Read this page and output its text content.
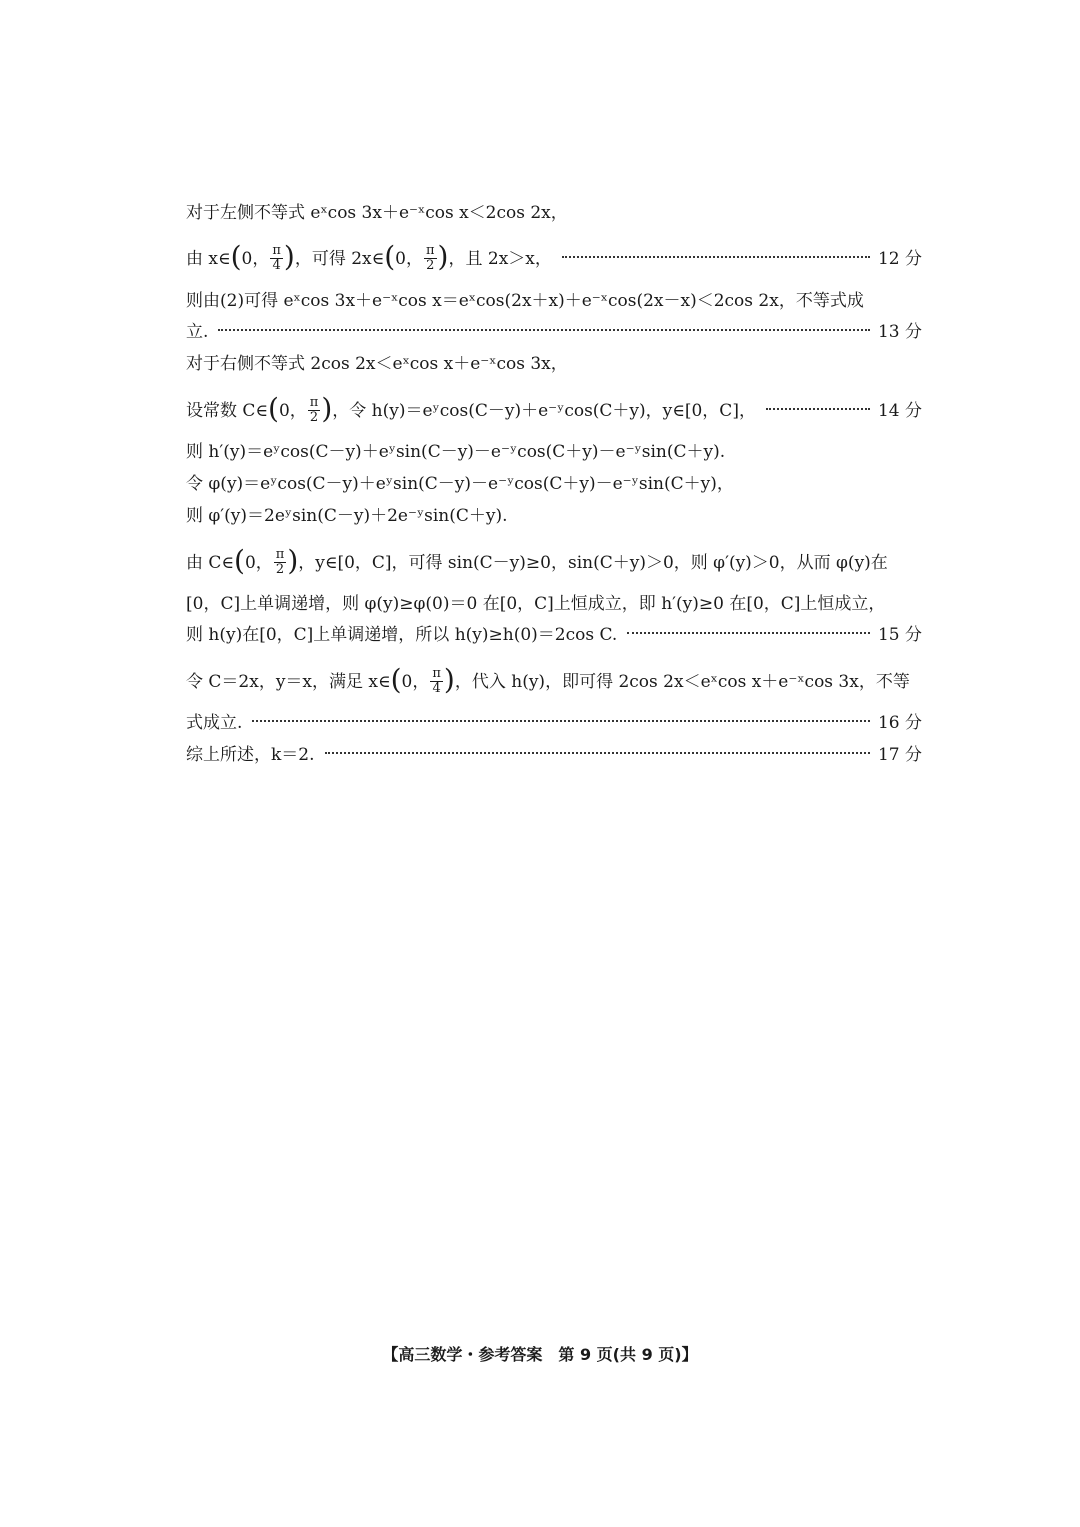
对于左侧不等式 eˣcos 3x＋e⁻ˣcos x＜2cos 2x，
由 x∈ ( 0， $\frac{\pi}{4}$ ) ，可得 2x∈ ( 0， $\frac{\pi}{2}$ ) ，且 2x＞x，	12 分
则由(2)可得 eˣcos 3x＋e⁻ˣcos x＝eˣcos(2x＋x)＋e⁻ˣcos(2x－x)＜2cos 2x，不等式成
立.	13 分
对于右侧不等式 2cos 2x＜eˣcos x＋e⁻ˣcos 3x，
设常数 C∈ ( 0， $\frac{\pi}{2}$ ) ，令 h(y)＝eʸcos(C－y)＋e⁻ʸcos(C＋y)，y∈[0，C]，	14 分
则 h′(y)＝eʸcos(C－y)＋eʸsin(C－y)－e⁻ʸcos(C＋y)－e⁻ʸsin(C＋y).
令 φ(y)＝eʸcos(C－y)＋eʸsin(C－y)－e⁻ʸcos(C＋y)－e⁻ʸsin(C＋y)，
则 φ′(y)＝2eʸsin(C－y)＋2e⁻ʸsin(C＋y).
由 C∈ ( 0， $\frac{\pi}{2}$ ) ，y∈[0，C]，可得 sin(C－y)≥0，sin(C＋y)＞0，则 φ′(y)＞0，从而 φ(y)在
[0，C]上单调递增，则 φ(y)≥φ(0)＝0 在[0，C]上恒成立，即 h′(y)≥0 在[0，C]上恒成立，
则 h(y)在[0，C]上单调递增，所以 h(y)≥h(0)＝2cos C.	15 分
令 C＝2x，y＝x，满足 x∈ ( 0， $\frac{\pi}{4}$ ) ，代入 h(y)，即可得 2cos 2x＜eˣcos x＋e⁻ˣcos 3x，不等
式成立.	16 分
综上所述，k＝2.	17 分
【高三数学・参考答案　第 9 页(共 9 页)】
